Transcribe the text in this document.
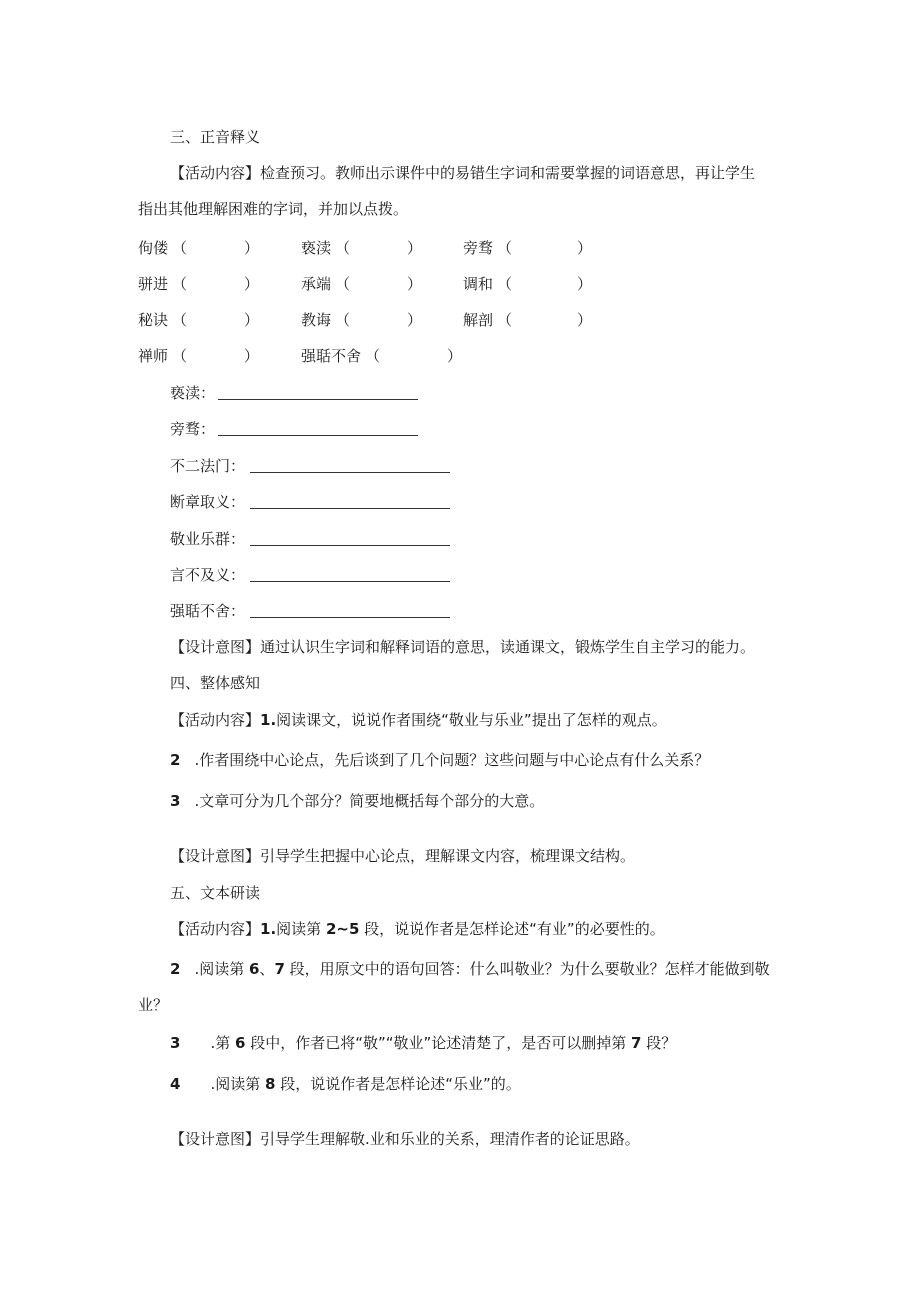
三、正音释义
【活动内容】检查预习。教师出示课件中的易错生字词和需要掌握的词语意思，再让学生
指出其他理解困难的字词，并加以点拨。
佝偻 （	）	亵渎 （	）	旁骛 （	）
骈进 （	）	承端 （	）	调和 （	）
秘诀 （	）	教诲 （	）	解剖 （	）
禅师 （	）	强聒不舍 （	）
亵渎：
旁骛：
不二法门：
断章取义：
敬业乐群：
言不及义：
强聒不舍：
【设计意图】通过认识生字词和解释词语的意思，读通课文，锻炼学生自主学习的能力。
四、整体感知
【活动内容】1.阅读课文，说说作者围绕“敬业与乐业”提出了怎样的观点。
2 .作者围绕中心论点，先后谈到了几个问题？这些问题与中心论点有什么关系？
3 .文章可分为几个部分？简要地概括每个部分的大意。
【设计意图】引导学生把握中心论点，理解课文内容，梳理课文结构。
五、文本研读
【活动内容】1.阅读第 2~5 段，说说作者是怎样论述“有业”的必要性的。
2 .阅读第 6、7 段，用原文中的语句回答：什么叫敬业？为什么要敬业？怎样才能做到敬
业？
3 .第 6 段中，作者已将“敬”“敬业”论述清楚了，是否可以删掉第 7 段？
4 .阅读第 8 段，说说作者是怎样论述“乐业”的。
【设计意图】引导学生理解敬.业和乐业的关系，理清作者的论证思路。
